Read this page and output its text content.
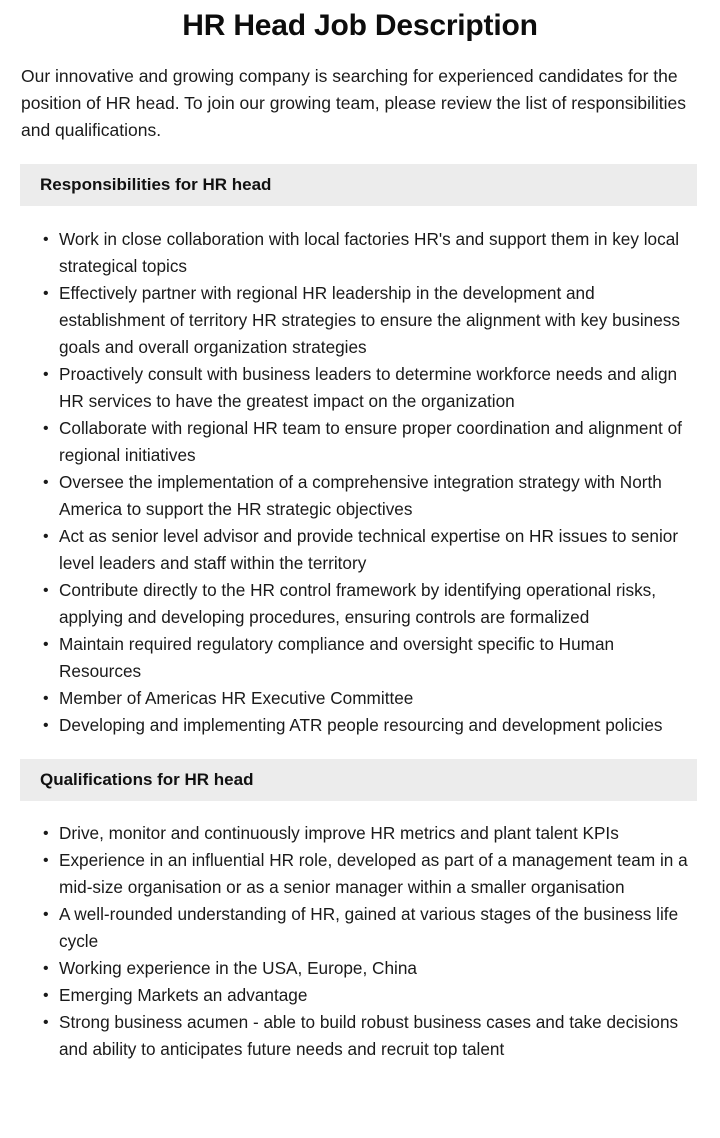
HR Head Job Description

Our innovative and growing company is searching for experienced candidates for the position of HR head. To join our growing team, please review the list of responsibilities and qualifications.

Responsibilities for HR head
• Work in close collaboration with local factories HR's and support them in key local strategical topics
• Effectively partner with regional HR leadership in the development and establishment of territory HR strategies to ensure the alignment with key business goals and overall organization strategies
• Proactively consult with business leaders to determine workforce needs and align HR services to have the greatest impact on the organization
• Collaborate with regional HR team to ensure proper coordination and alignment of regional initiatives
• Oversee the implementation of a comprehensive integration strategy with North America to support the HR strategic objectives
• Act as senior level advisor and provide technical expertise on HR issues to senior level leaders and staff within the territory
• Contribute directly to the HR control framework by identifying operational risks, applying and developing procedures, ensuring controls are formalized
• Maintain required regulatory compliance and oversight specific to Human Resources
• Member of Americas HR Executive Committee
• Developing and implementing ATR people resourcing and development policies
Qualifications for HR head
• Drive, monitor and continuously improve HR metrics and plant talent KPIs
• Experience in an influential HR role, developed as part of a management team in a mid-size organisation or as a senior manager within a smaller organisation
• A well-rounded understanding of HR, gained at various stages of the business life cycle
• Working experience in the USA, Europe, China
• Emerging Markets an advantage
• Strong business acumen - able to build robust business cases and take decisions and ability to anticipates future needs and recruit top talent
